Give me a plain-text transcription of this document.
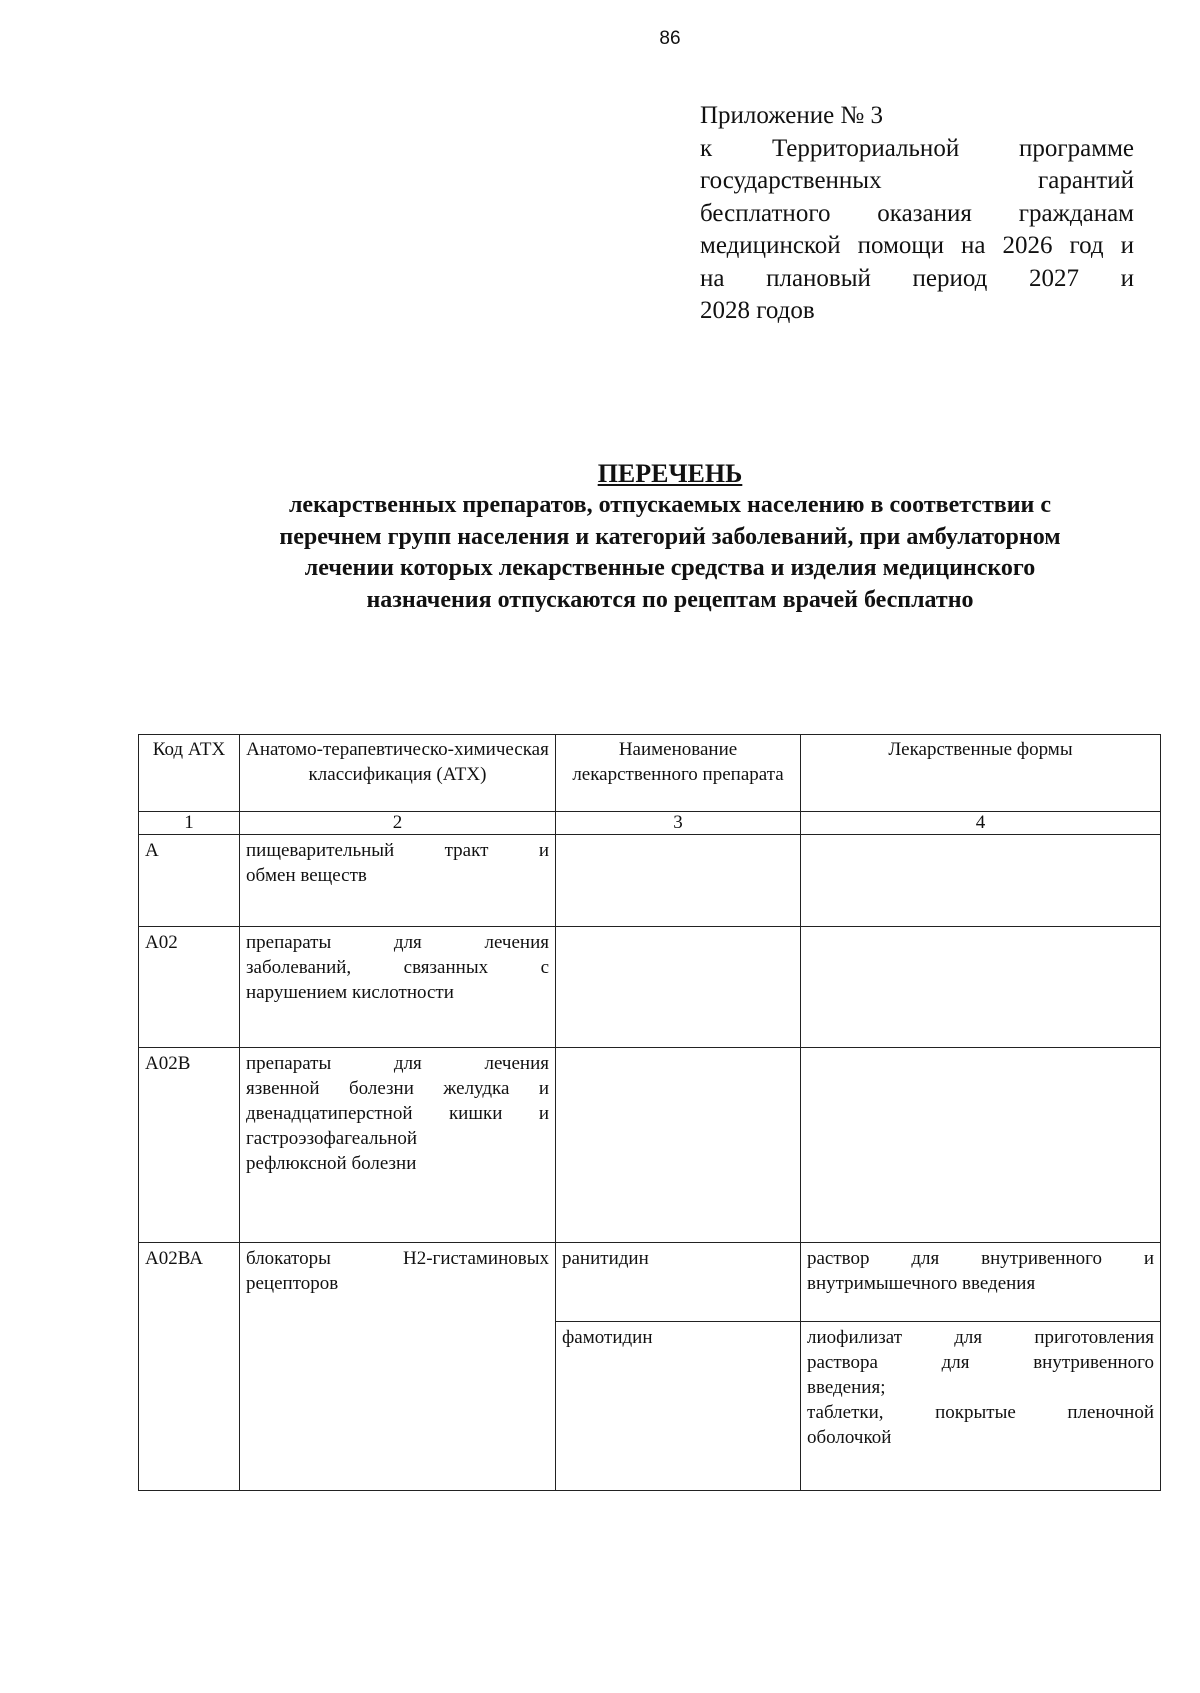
86
Приложение № 3
к Территориальной программе
государственных гарантий
бесплатного оказания гражданам
медицинской помощи на 2026 год и
на плановый период 2027 и
2028 годов
ПЕРЕЧЕНЬ
лекарственных препаратов, отпускаемых населению в соответствии с перечнем групп населения и категорий заболеваний, при амбулаторном лечении которых лекарственные средства и изделия медицинского назначения отпускаются по рецептам врачей бесплатно
Код АТХ	Анатомо-терапевтическо-химическая классификация (АТХ)	Наименование лекарственного препарата	Лекарственные формы
1	2	3	4
А	пищеварительный тракт и
обмен веществ		

А02	препараты для лечения
заболеваний, связанных с
нарушением кислотности		

А02В	препараты для лечения
язвенной болезни желудка и
двенадцатиперстной кишки и
гастроэзофагеальной
рефлюксной болезни		

А02ВА	блокаторы Н2-гистаминовых
рецепторов	ранитидин	раствор для внутривенного и
внутримышечного введения

		фамотидин	лиофилизат для приготовления
раствора для внутривенного
введения;
таблетки, покрытые пленочной
оболочкой
